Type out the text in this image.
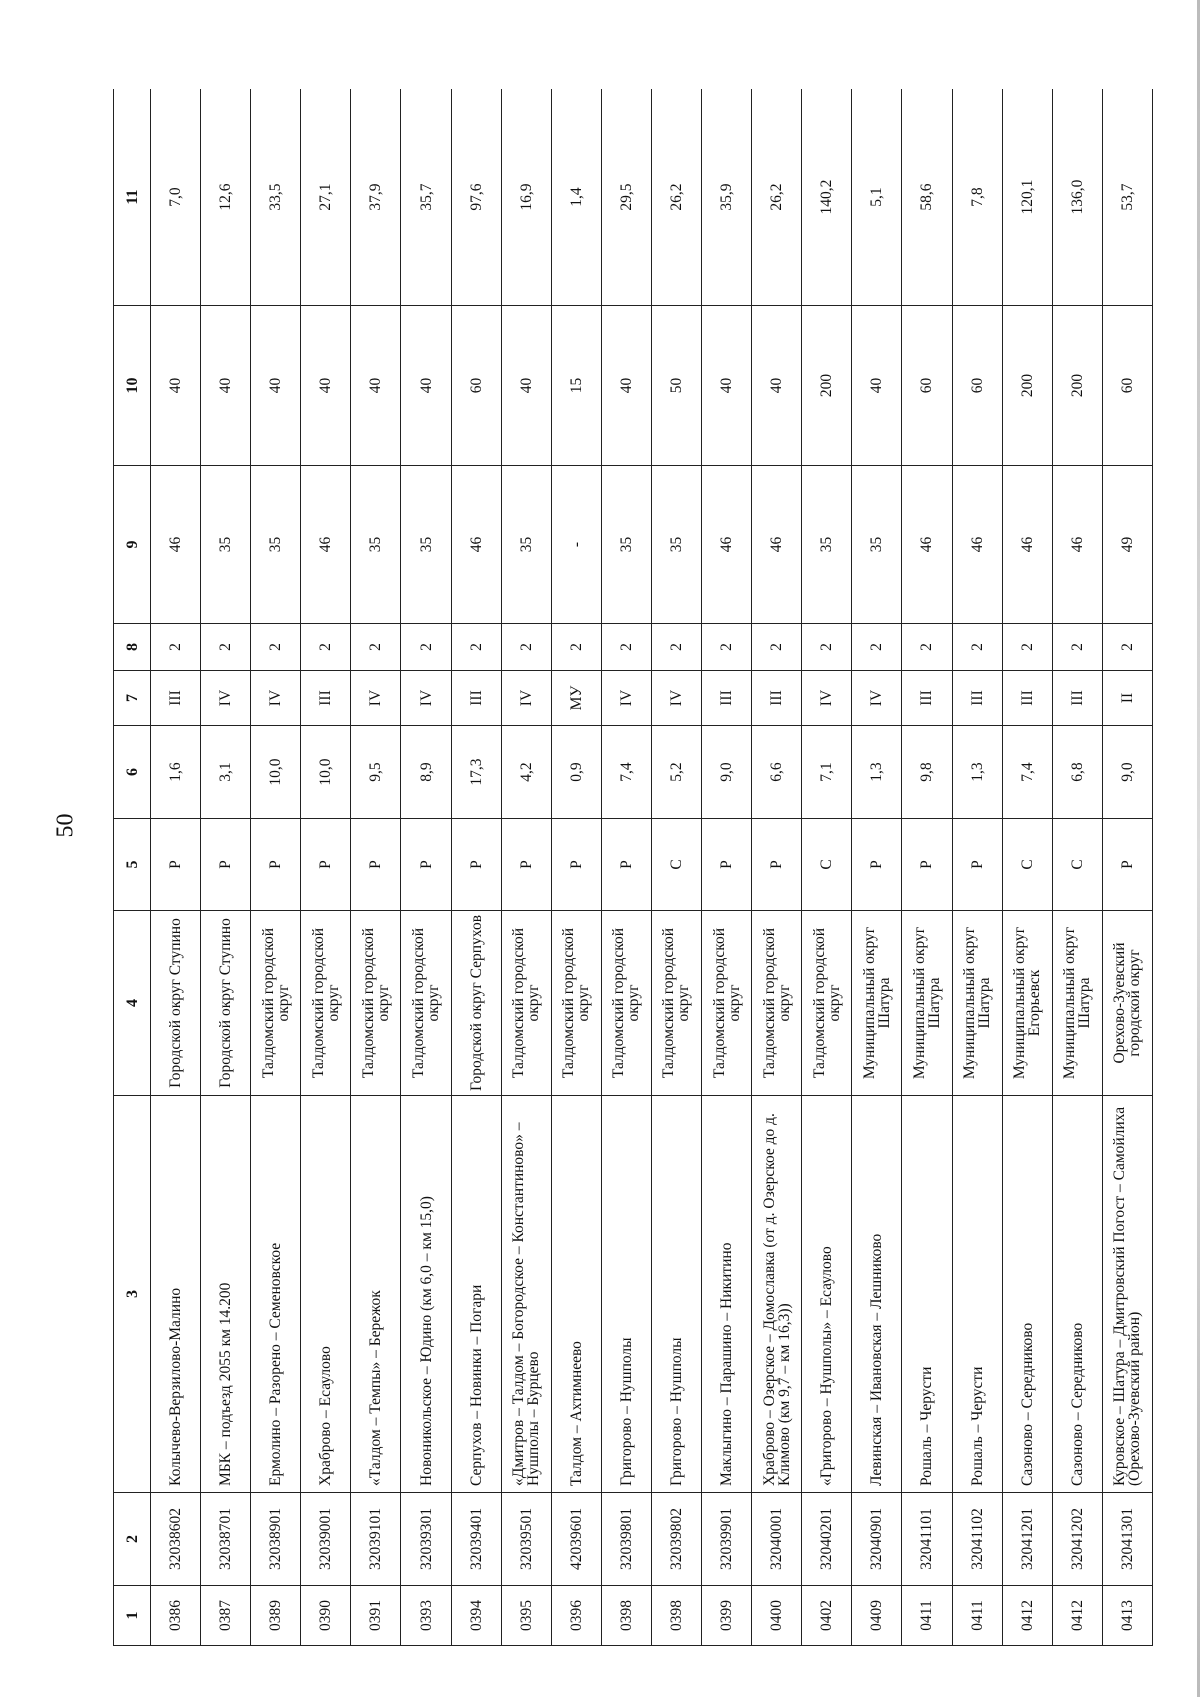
50
1	2	3	4	5	6	7	8	9	10	11
0386	32038602	Колычево-Верзилово-Малино	Городской округ Ступино	Р	1,6	III	2	46	40	7,0
0387	32038701	МБК – подъезд 2055 км 14.200	Городской округ Ступино	Р	3,1	IV	2	35	40	12,6
0389	32038901	Ермолино – Разорено – Семеновское	Талдомский городской округ	Р	10,0	IV	2	35	40	33,5
0390	32039001	Храброво – Есаулово	Талдомский городской округ	Р	10,0	III	2	46	40	27,1
0391	32039101	«Талдом – Темпы» – Бережок	Талдомский городской округ	Р	9,5	IV	2	35	40	37,9
0393	32039301	Новоникольское – Юдино (км 6,0 – км 15,0)	Талдомский городской округ	Р	8,9	IV	2	35	40	35,7
0394	32039401	Серпухов – Новинки – Погари	Городской округ Серпухов	Р	17,3	III	2	46	60	97,6
0395	32039501	«Дмитров – Талдом – Богородское – Константиново» – Нушполы – Бурцево	Талдомский городской округ	Р	4,2	IV	2	35	40	16,9
0396	42039601	Талдом – Ахтимнеево	Талдомский городской округ	Р	0,9	МУ	2	-	15	1,4
0398	32039801	Григорово – Нушполы	Талдомский городской округ	Р	7,4	IV	2	35	40	29,5
0398	32039802	Григорово – Нушполы	Талдомский городской округ	С	5,2	IV	2	35	50	26,2
0399	32039901	Маклыгино – Парашино – Никитино	Талдомский городской округ	Р	9,0	III	2	46	40	35,9
0400	32040001	Храброво – Озерское – Домославка (от д. Озерское до д. Климово (км 9,7 – км 16,3))	Талдомский городской округ	Р	6,6	III	2	46	40	26,2
0402	32040201	«Григорово – Нушполы» – Есаулово	Талдомский городской округ	С	7,1	IV	2	35	200	140,2
0409	32040901	Левинская – Ивановская – Лешниково	Муниципальный округ Шатура	Р	1,3	IV	2	35	40	5,1
0411	32041101	Рошаль – Черусти	Муниципальный округ Шатура	Р	9,8	III	2	46	60	58,6
0411	32041102	Рошаль – Черусти	Муниципальный округ Шатура	Р	1,3	III	2	46	60	7,8
0412	32041201	Сазоново – Середниково	Муниципальный округ Егорьевск	С	7,4	III	2	46	200	120,1
0412	32041202	Сазоново – Середниково	Муниципальный округ Шатура	С	6,8	III	2	46	200	136,0
0413	32041301	Куровское – Шатура – Дмитровский Погост – Самойлиха (Орехово-Зуевский район)	Орехово-Зуевский городской округ	Р	9,0	II	2	49	60	53,7
